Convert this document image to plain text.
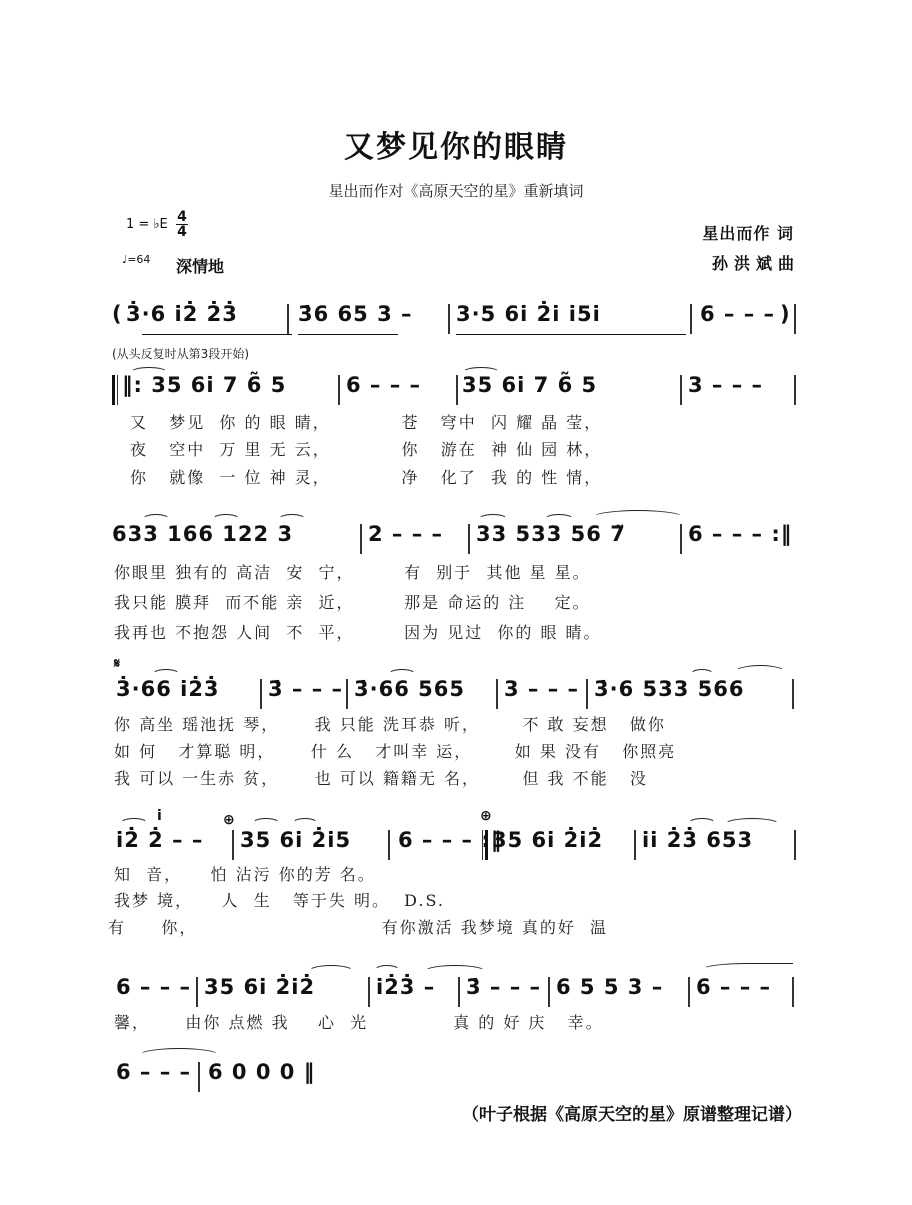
又梦见你的眼睛
星出而作对《高原天空的星》重新填词
1 = ♭E 4
4
♩=64 深情地
星出而作 词
孙洪斌曲
(
3̇·6 i̇2̇ 2̇3̇	3̇6 65 3 – 3·5 6i̇ 2̇i̇ i̇5i̇	6 – – – )
(从头反复时从第3段开始)
‖: 35 6i̇ 7 6̃ 5	6 – – – 35 6i̇ 7 6̃ 5	3 – – –
又   梦见  你 的 眼 睛，          苍   穹中  闪 耀 晶 莹，
夜   空中  万 里 无 云，          你   游在  神 仙 园 林，
你   就像  一 位 神 灵，          净   化了  我 的 性 情，
633 166 122 3	2 – – – 33 533 56 7̃	6 – – – :‖
你眼里 独有的 高洁  安  宁，       有  别于  其他 星 星。
我只能 膜拜  而不能 亲  近，       那是 命运的 注    定。
我再也 不抱怨 人间  不  平，       因为 见过  你的 眼 睛。
𝄋
3̇·66 i̇2̇3̇ 3̇ – – – 3̇·66 565 3 – – – 3̇·6 533 566
你 高坐 瑶池抚 琴，     我 只能 洗耳恭 听，      不 敢 妄想   做你
如 何   才算聪 明，     什 么   才叫幸 运，      如 果 没有   你照亮
我 可以 一生赤 贫，     也 可以 籍籍无 名，      但 我 不能   没
i̇	⊕	⊕
i̇2̇ 2̇ – – 35 6i̇ 2̇i̇5 6 – – – :‖
35 6i̇ 2̇i̇2̇ i̇i̇ 2̇3̇ 653
知  音，    怕 沾污 你的芳 名。
我梦 境，    人  生   等于失 明。  D.S.
有     你，                          有你激活 我梦境 真的好  温
6 – – – 35 6i̇ 2̇i̇2̇	i̇2̇3̇ – 3̇ – – – 6 5 5 3 – 6 – – –
馨，     由你 点燃 我    心  光            真 的 好 庆   幸。
6 – – – 6 0 0 0 ‖
（叶子根据《高原天空的星》原谱整理记谱）
